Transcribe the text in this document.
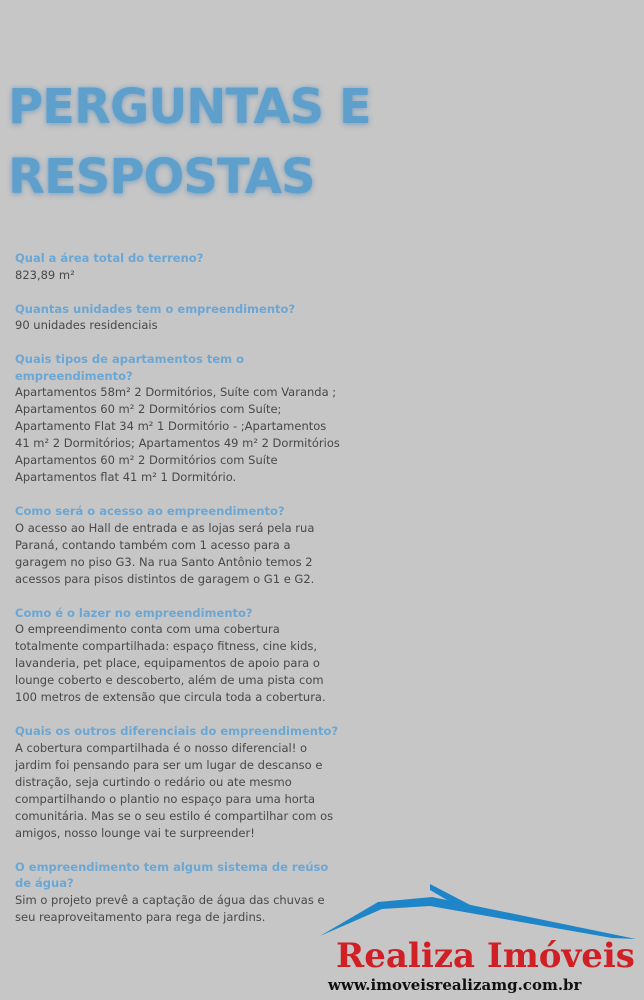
PERGUNTAS E
RESPOSTAS

Qual a área total do terreno?

823,89 m²

Quantas unidades tem o empreendimento?

90 unidades residenciais

Quais tipos de apartamentos tem o empreendimento?

Apartamentos 58m² 2 Dormitórios, Suíte com Varanda ; Apartamentos 60 m² 2 Dormitórios com Suíte; Apartamento Flat 34 m² 1 Dormitório - ;Apartamentos 41 m² 2 Dormitórios; Apartamentos 49 m² 2 Dormitórios Apartamentos 60 m² 2 Dormitórios com Suíte Apartamentos flat 41 m² 1 Dormitório.

Como será o acesso ao empreendimento?

O acesso ao Hall de entrada e as lojas será pela rua Paraná, contando também com 1 acesso para a garagem no piso G3. Na rua Santo Antônio temos 2 acessos para pisos distintos de garagem o G1 e G2.

Como é o lazer no empreendimento?

O empreendimento conta com uma cobertura totalmente compartilhada: espaço fitness, cine kids, lavanderia, pet place, equipamentos de apoio para o lounge coberto e descoberto, além de uma pista com 100 metros de extensão que circula toda a cobertura.

Quais os outros diferenciais do empreendimento?

A cobertura compartilhada é o nosso diferencial! o jardim foi pensando para ser um lugar de descanso e distração, seja curtindo o redário ou ate mesmo compartilhando o plantio no espaço para uma horta comunitária. Mas se o seu estilo é compartilhar com os amigos, nosso lounge vai te surpreender!

O empreendimento tem algum sistema de reúso de água?

Sim o projeto prevê a captação de água das chuvas e seu reaproveitamento para rega de jardins.

Realiza Imóveis

www.imoveisrealizamg.com.br
